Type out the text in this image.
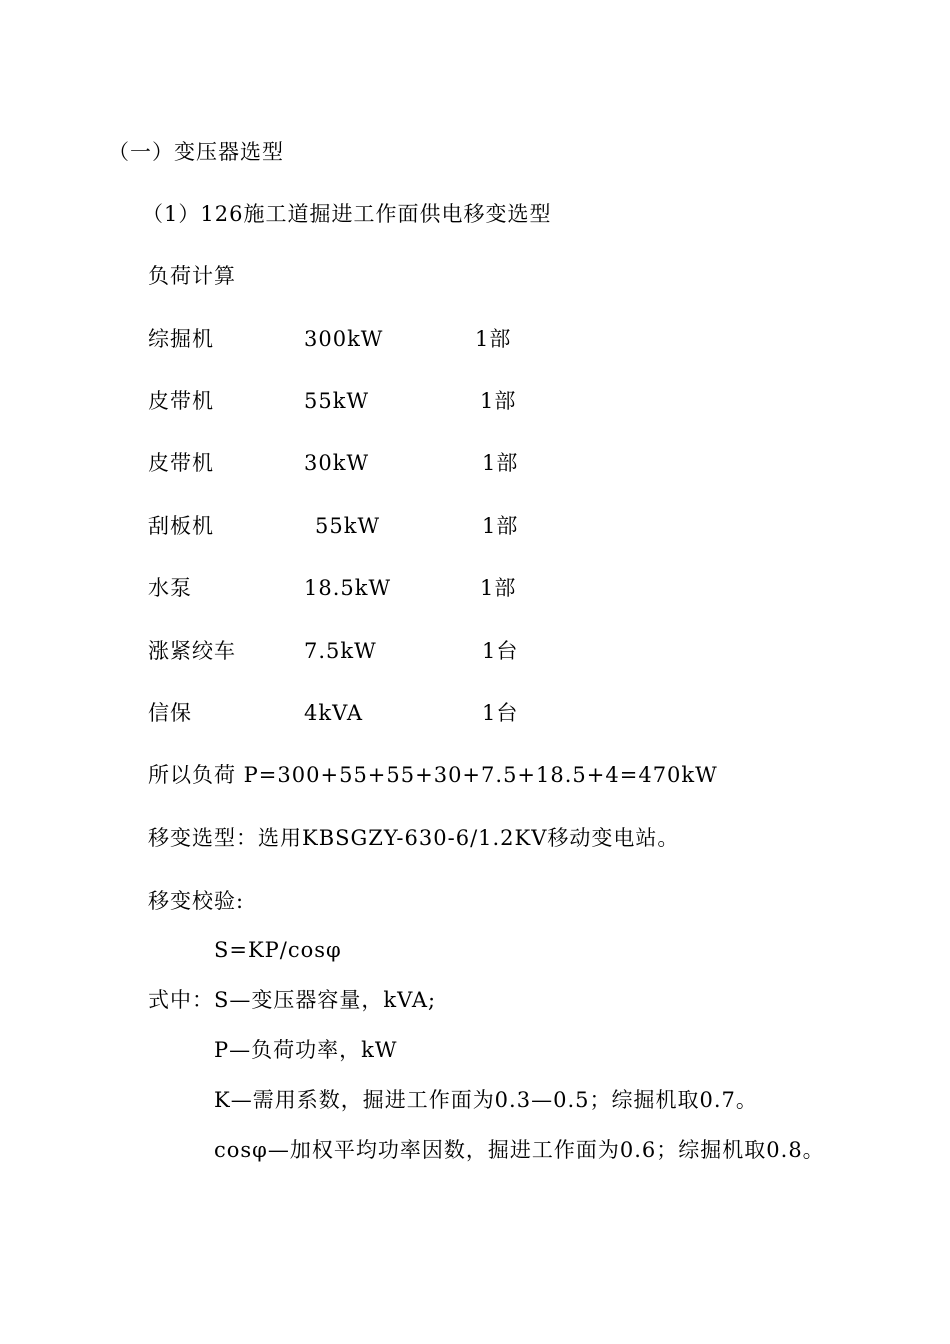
（一）变压器选型
（1）126施工道掘进工作面供电移变选型
负荷计算
综掘机	300kW	1部
皮带机	55kW	1部
皮带机	30kW	1部
刮板机	55kW	1部
水泵	18.5kW	1部
涨紧绞车	7.5kW	1台
信保	4kVA	1台
所以负荷 P=300+55+55+30+7.5+18.5+4=470kW
移变选型：选用KBSGZY-630-6/1.2KV移动变电站。
移变校验:
S=KP/cosφ
式中：S—变压器容量，kVA;
P—负荷功率，kW
K—需用系数，掘进工作面为0.3—0.5；综掘机取0.7。
cosφ—加权平均功率因数，掘进工作面为0.6；综掘机取0.8。
